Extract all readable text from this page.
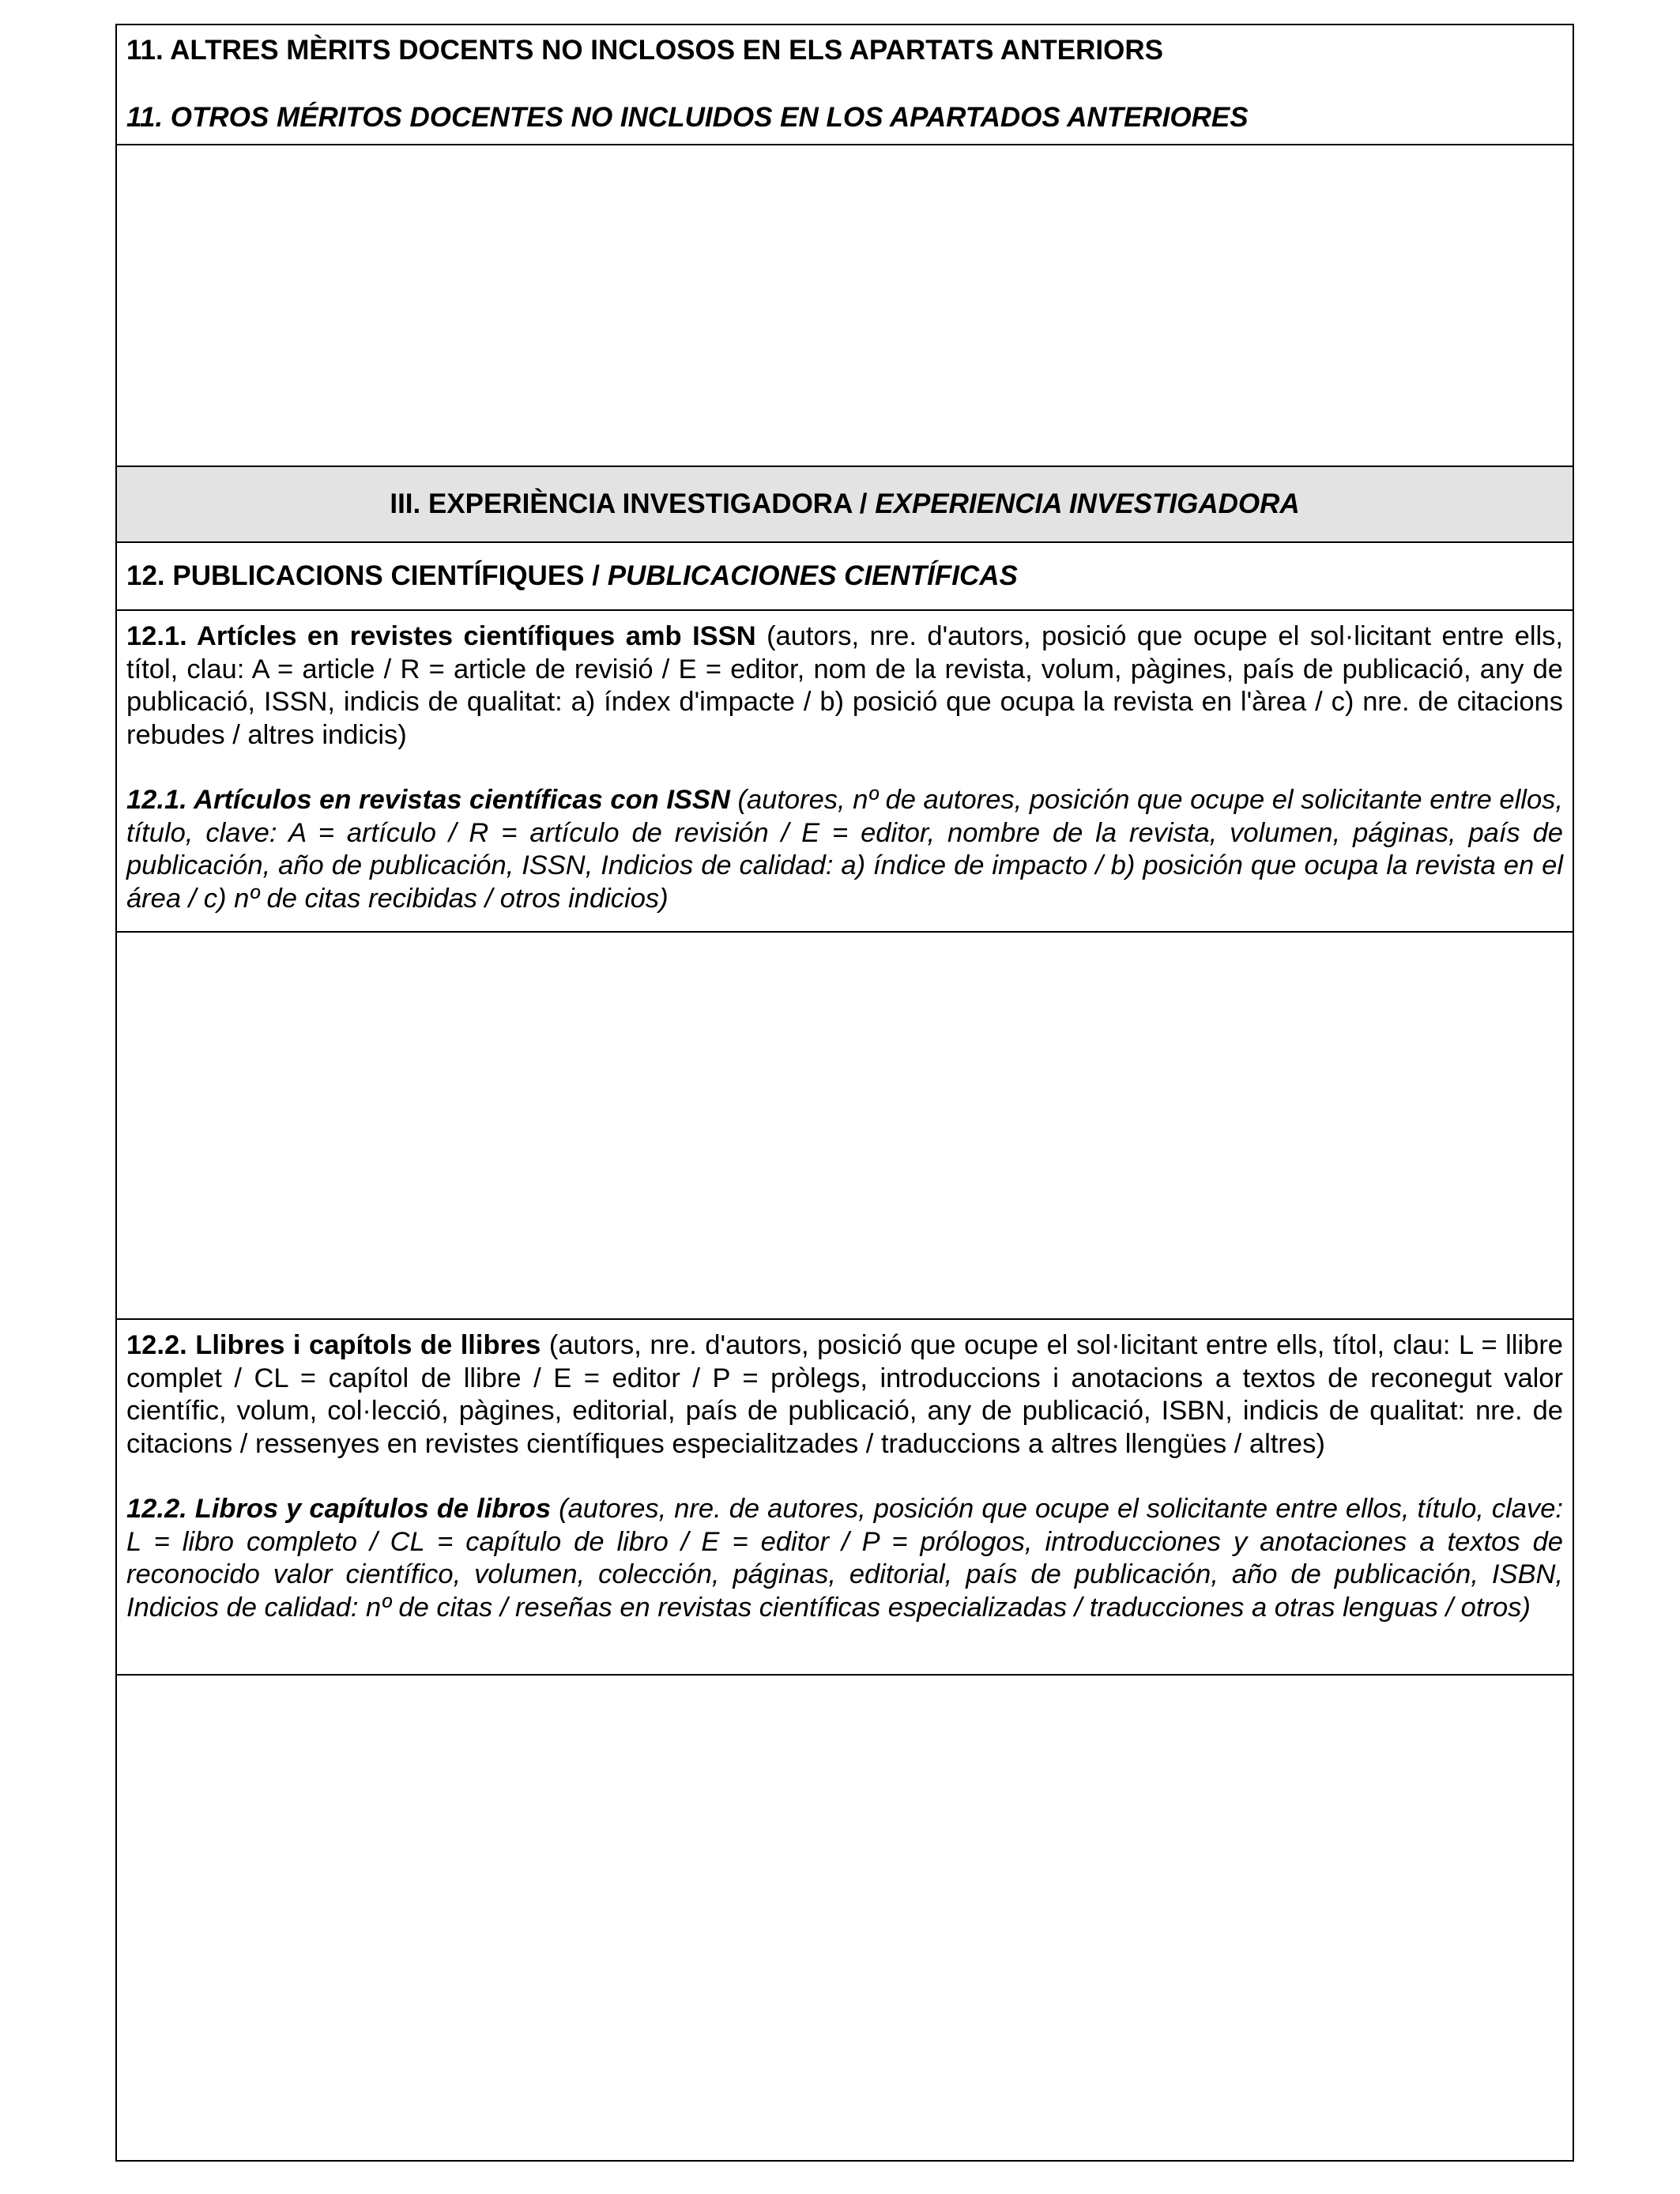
11. ALTRES MÈRITS DOCENTS NO INCLOSOS EN ELS APARTATS ANTERIORS

11. OTROS MÉRITOS DOCENTES NO INCLUIDOS EN LOS APARTADOS ANTERIORES

III. EXPERIÈNCIA INVESTIGADORA /
EXPERIENCIA INVESTIGADORA
12. PUBLICACIONS CIENTÍFIQUES / PUBLICACIONES CIENTÍFICAS

12.1. Artícles en revistes científiques amb ISSN (autors, nre. d'autors, posició que ocupe el sol·licitant entre ells, títol, clau: A = article / R = article de revisió / E = editor, nom de la revista, volum, pàgines, país de publicació, any de publicació, ISSN, indicis de qualitat: a) índex d'impacte / b) posició que ocupa la revista en l'àrea / c) nre. de citacions rebudes / altres indicis)

12.1. Artículos en revistas científicas con ISSN (autores, nº de autores, posición que ocupe el solicitante entre ellos, título, clave: A = artículo / R = artículo de revisión / E = editor, nombre de la revista, volumen, páginas, país de publicación, año de publicación, ISSN, Indicios de calidad: a) índice de impacto / b) posición que ocupa la revista en el área / c) nº de citas recibidas / otros indicios)

12.2. Llibres i capítols de llibres (autors, nre. d'autors, posició que ocupe el sol·licitant entre ells, títol, clau: L = llibre complet / CL = capítol de llibre / E = editor / P = pròlegs, introduccions i anotacions a textos de reconegut valor científic, volum, col·lecció, pàgines, editorial, país de publicació, any de publicació, ISBN, indicis de qualitat: nre. de citacions / ressenyes en revistes científiques especialitzades / traduccions a altres llengües / altres)

12.2. Libros y capítulos de libros (autores, nre. de autores, posición que ocupe el solicitante entre ellos, título, clave: L = libro completo / CL = capítulo de libro / E = editor / P = prólogos, introducciones y anotaciones a textos de reconocido valor científico, volumen, colección, páginas, editorial, país de publicación, año de publicación, ISBN, Indicios de calidad: nº de citas / reseñas en revistas científicas especializadas / traducciones a otras lenguas / otros)
